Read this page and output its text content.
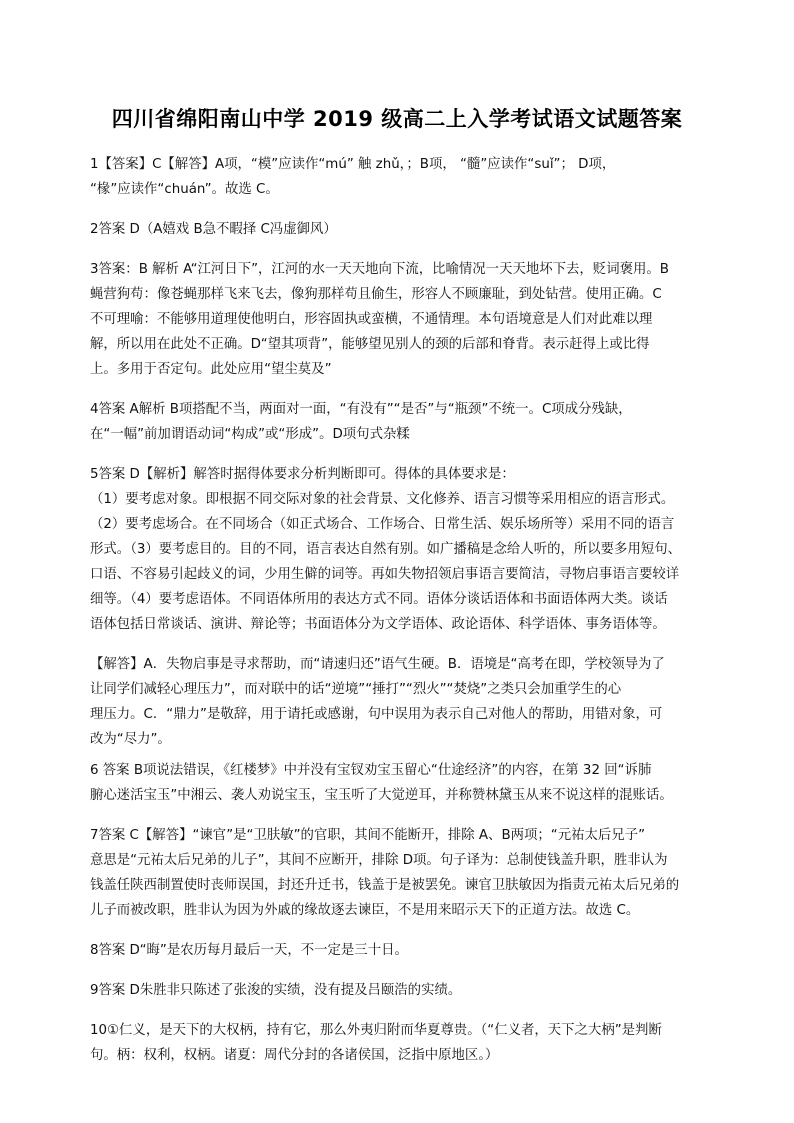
四川省绵阳南山中学 2019 级高二上入学考试语文试题答案
1【答案】C【解答】A项，“模”应读作“mú” 触 zhǔ，；B项， “髓”应读作“suǐ”； D项，
“椽”应读作“chuán”。故选 C。
2答案 D（A嬉戏 B急不暇择 C冯虚御风）
3答案：B 解析 A“江河日下”，江河的水一天天地向下流，比喻情况一天天地坏下去，贬词褒用。B
蝇营狗苟：像苍蝇那样飞来飞去，像狗那样苟且偷生，形容人不顾廉耻，到处钻营。使用正确。C
不可理喻：不能够用道理使他明白，形容固执或蛮横，不通情理。本句语境意是人们对此难以理
解，所以用在此处不正确。D“望其项背”，能够望见别人的颈的后部和脊背。表示赶得上或比得
上。多用于否定句。此处应用“望尘莫及”
4答案 A解析 B项搭配不当，两面对一面，“有没有”“是否”与“瓶颈”不统一。C项成分残缺，
在“一幅”前加谓语动词“构成”或“形成”。D项句式杂糅
5答案 D【解析】解答时据得体要求分析判断即可。得体的具体要求是：
（1）要考虑对象。即根据不同交际对象的社会背景、文化修养、语言习惯等采用相应的语言形式。
（2）要考虑场合。在不同场合（如正式场合、工作场合、日常生活、娱乐场所等）采用不同的语言
形式。（3）要考虑目的。目的不同，语言表达自然有别。如广播稿是念给人听的，所以要多用短句、
口语、不容易引起歧义的词，少用生僻的词等。再如失物招领启事语言要简洁，寻物启事语言要较详
细等。（4）要考虑语体。不同语体所用的表达方式不同。语体分谈话语体和书面语体两大类。谈话
语体包括日常谈话、演讲、辩论等；书面语体分为文学语体、政论语体、科学语体、事务语体等。
【解答】A．失物启事是寻求帮助，而“请速归还”语气生硬。B．语境是“高考在即，学校领导为了
让同学们减轻心理压力”，而对联中的话“逆境”“捶打”“烈火”“焚烧”之类只会加重学生的心
理压力。C．“鼎力”是敬辞，用于请托或感谢，句中误用为表示自己对他人的帮助，用错对象，可
改为“尽力”。
6 答案 B项说法错误，《红楼梦》中并没有宝钗劝宝玉留心“仕途经济”的内容，在第 32 回“诉肺
腑心迷活宝玉”中湘云、袭人劝说宝玉，宝玉听了大觉逆耳，并称赞林黛玉从来不说这样的混账话。
7答案 C【解答】“谏官”是“卫肤敏”的官职，其间不能断开，排除 A、B两项；“元祐太后兄子”
意思是“元祐太后兄弟的儿子”，其间不应断开，排除 D项。句子译为：总制使钱盖升职，胜非认为
钱盖任陕西制置使时丧师误国，封还升迁书，钱盖于是被罢免。谏官卫肤敏因为指责元祐太后兄弟的
儿子而被改职，胜非认为因为外戚的缘故逐去谏臣，不是用来昭示天下的正道方法。故选 C。
8答案 D“晦”是农历每月最后一天，不一定是三十日。
9答案 D朱胜非只陈述了张浚的实绩，没有提及吕颐浩的实绩。
10①仁义，是天下的大权柄，持有它，那么外夷归附而华夏尊贵。（“仁义者，天下之大柄”是判断
句。柄：权利，权柄。诸夏：周代分封的各诸侯国，泛指中原地区。）
